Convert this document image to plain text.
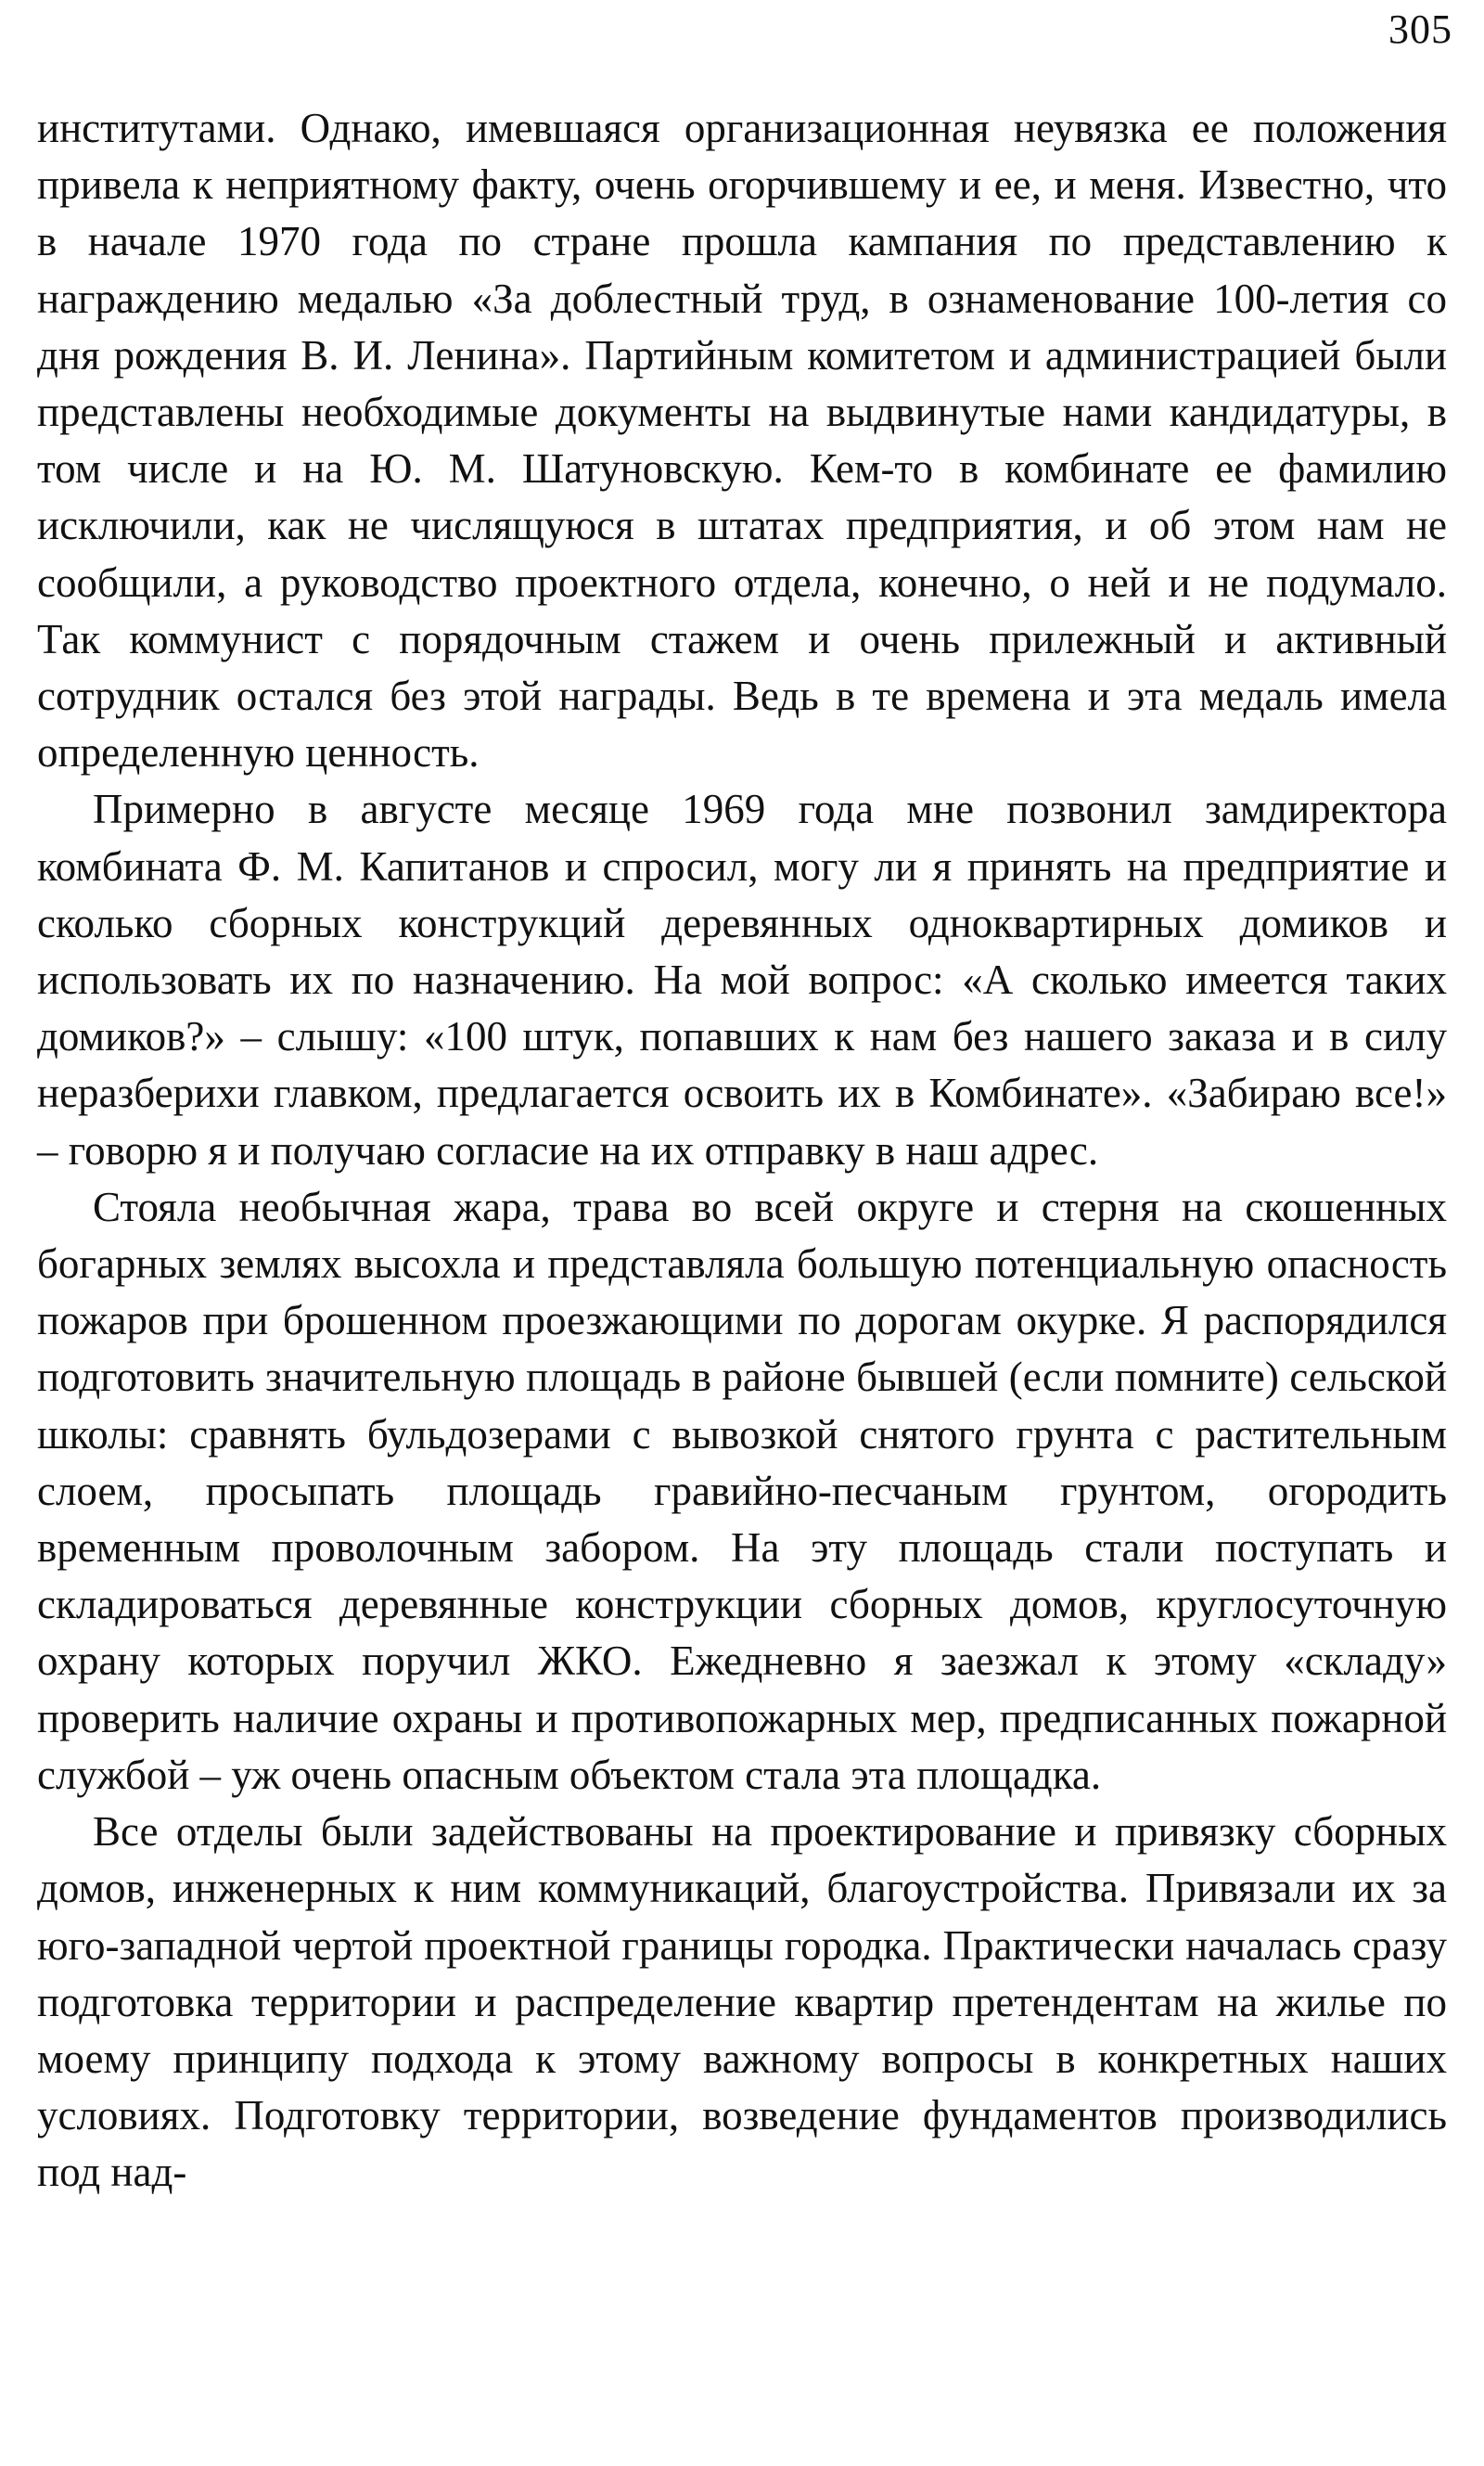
305

институтами. Однако, имевшаяся организационная неувязка ее положения привела к неприятному факту, очень огорчившему и ее, и меня. Известно, что в начале 1970 года по стране прошла кампания по представлению к награждению медалью «За доблестный труд, в ознаменование 100-летия со дня рождения В. И. Ленина». Партийным комитетом и администрацией были представлены необходимые документы на выдвинутые нами кандидатуры, в том числе и на Ю. М. Шатуновскую. Кем-то в комбинате ее фамилию исключили, как не числящуюся в штатах предприятия, и об этом нам не сообщили, а руководство проектного отдела, конечно, о ней и не подумало. Так коммунист с порядочным стажем и очень прилежный и активный сотрудник остался без этой награды. Ведь в те времена и эта медаль имела определенную ценность.

Примерно в августе месяце 1969 года мне позвонил замдиректора комбината Ф. М. Капитанов и спросил, могу ли я принять на предприятие и сколько сборных конструкций деревянных одноквартирных домиков и использовать их по назначению. На мой вопрос: «А сколько имеется таких домиков?» – слышу: «100 штук, попавших к нам без нашего заказа и в силу неразберихи главком, предлагается освоить их в Комбинате». «Забираю все!» – говорю я и получаю согласие на их отправку в наш адрес.

Стояла необычная жара, трава во всей округе и стерня на скошенных богарных землях высохла и представляла большую потенциальную опасность пожаров при брошенном проезжающими по дорогам окурке. Я распорядился подготовить значительную площадь в районе бывшей (если помните) сельской школы: сравнять бульдозерами с вывозкой снятого грунта с растительным слоем, просыпать площадь гравийно-песчаным грунтом, огородить временным проволочным забором. На эту площадь стали поступать и складироваться деревянные конструкции сборных домов, круглосуточную охрану которых поручил ЖКО. Ежедневно я заезжал к этому «складу» проверить наличие охраны и противопожарных мер, предписанных пожарной службой – уж очень опасным объектом стала эта площадка.

Все отделы были задействованы на проектирование и привязку сборных домов, инженерных к ним коммуникаций, благоустройства. Привязали их за юго-западной чертой проектной границы городка. Практически началась сразу подготовка территории и распределение квартир претендентам на жилье по моему принципу подхода к этому важному вопросы в конкретных наших условиях. Подготовку территории, возведение фундаментов производились под над-
